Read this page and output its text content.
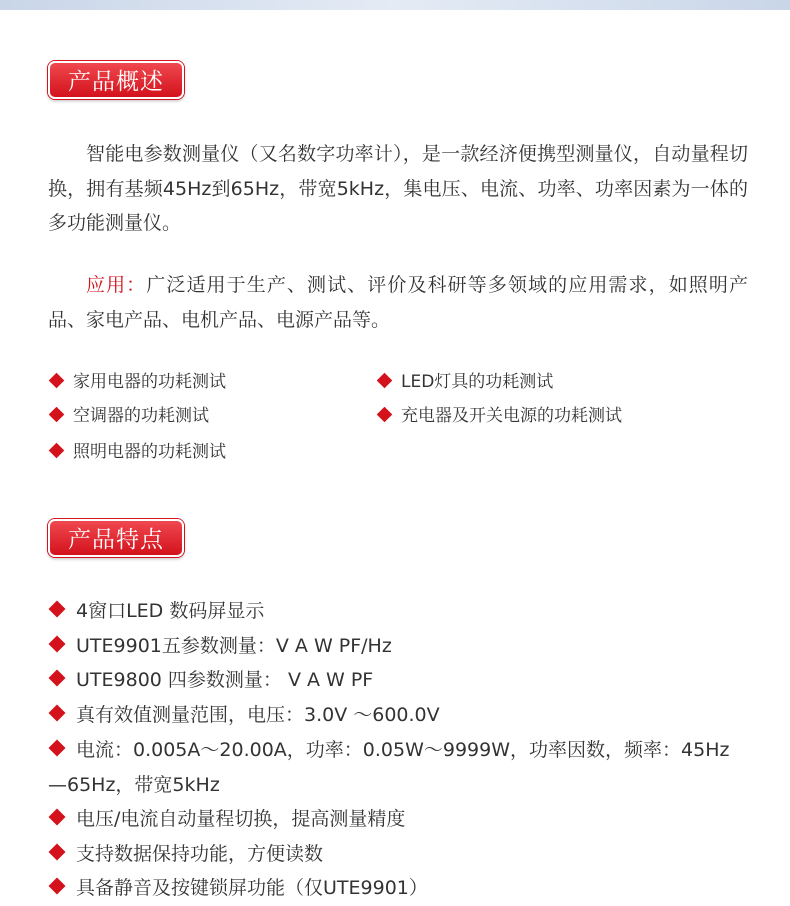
产品概述
智能电参数测量仪（又名数字功率计），是一款经济便携型测量仪，自动量程切换，拥有基频45Hz到65Hz，带宽5kHz，集电压、电流、功率、功率因素为一体的多功能测量仪。
应用：广泛适用于生产、测试、评价及科研等多领域的应用需求，如照明产品、家电产品、电机产品、电源产品等。
家用电器的功耗测试	LED灯具的功耗测试
空调器的功耗测试	充电器及开关电源的功耗测试
照明电器的功耗测试
产品特点
4窗口LED 数码屏显示
UTE9901五参数测量：V A W PF/Hz
UTE9800 四参数测量： V A W PF
真有效值测量范围，电压：3.0V ～600.0V
电流：0.005A～20.00A，功率：0.05W～9999W，功率因数，频率：45Hz—65Hz，带宽5kHz
电压/电流自动量程切换，提高测量精度
支持数据保持功能，方便读数
具备静音及按键锁屏功能（仅UTE9901）
